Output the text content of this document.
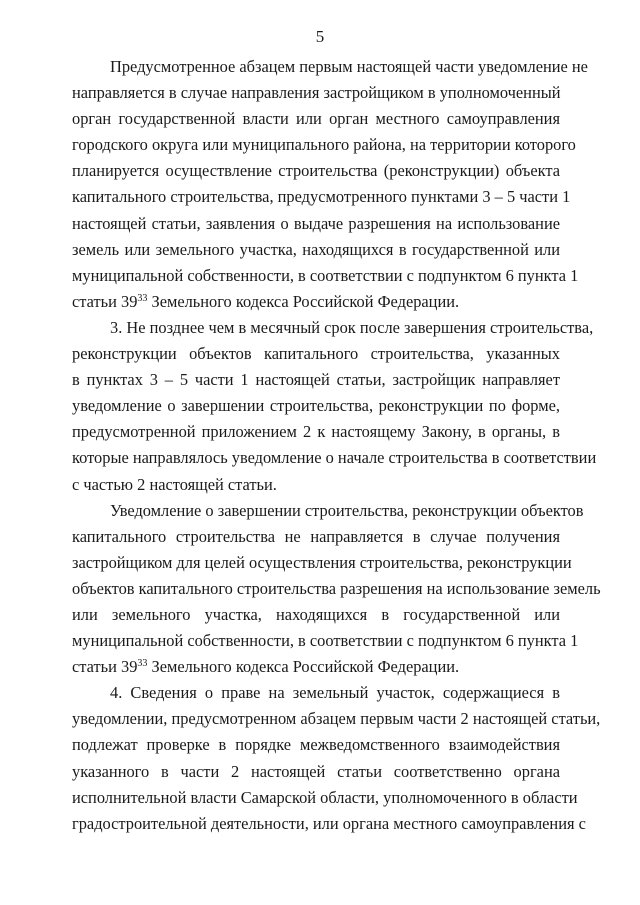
5
Предусмотренное абзацем первым настоящей части уведомление не
направляется в случае направления застройщиком в уполномоченный
орган государственной власти или орган местного самоуправления
городского округа или муниципального района, на территории которого
планируется осуществление строительства (реконструкции) объекта
капитального строительства, предусмотренного пунктами 3 – 5 части 1
настоящей статьи, заявления о выдаче разрешения на использование
земель или земельного участка, находящихся в государственной или
муниципальной собственности, в соответствии с подпунктом 6 пункта 1
статьи $39^{33}$ Земельного кодекса Российской Федерации.
3. Не позднее чем в месячный срок после завершения строительства,
реконструкции объектов капитального строительства, указанных
в пунктах 3 – 5 части 1 настоящей статьи, застройщик направляет
уведомление о завершении строительства, реконструкции по форме,
предусмотренной приложением 2 к настоящему Закону, в органы, в
которые направлялось уведомление о начале строительства в соответствии
с частью 2 настоящей статьи.
Уведомление о завершении строительства, реконструкции объектов
капитального строительства не направляется в случае получения
застройщиком для целей осуществления строительства, реконструкции
объектов капитального строительства разрешения на использование земель
или земельного участка, находящихся в государственной или
муниципальной собственности, в соответствии с подпунктом 6 пункта 1
статьи $39^{33}$ Земельного кодекса Российской Федерации.
4. Сведения о праве на земельный участок, содержащиеся в
уведомлении, предусмотренном абзацем первым части 2 настоящей статьи,
подлежат проверке в порядке межведомственного взаимодействия
указанного в части 2 настоящей статьи соответственно органа
исполнительной власти Самарской области, уполномоченного в области
градостроительной деятельности, или органа местного самоуправления с
